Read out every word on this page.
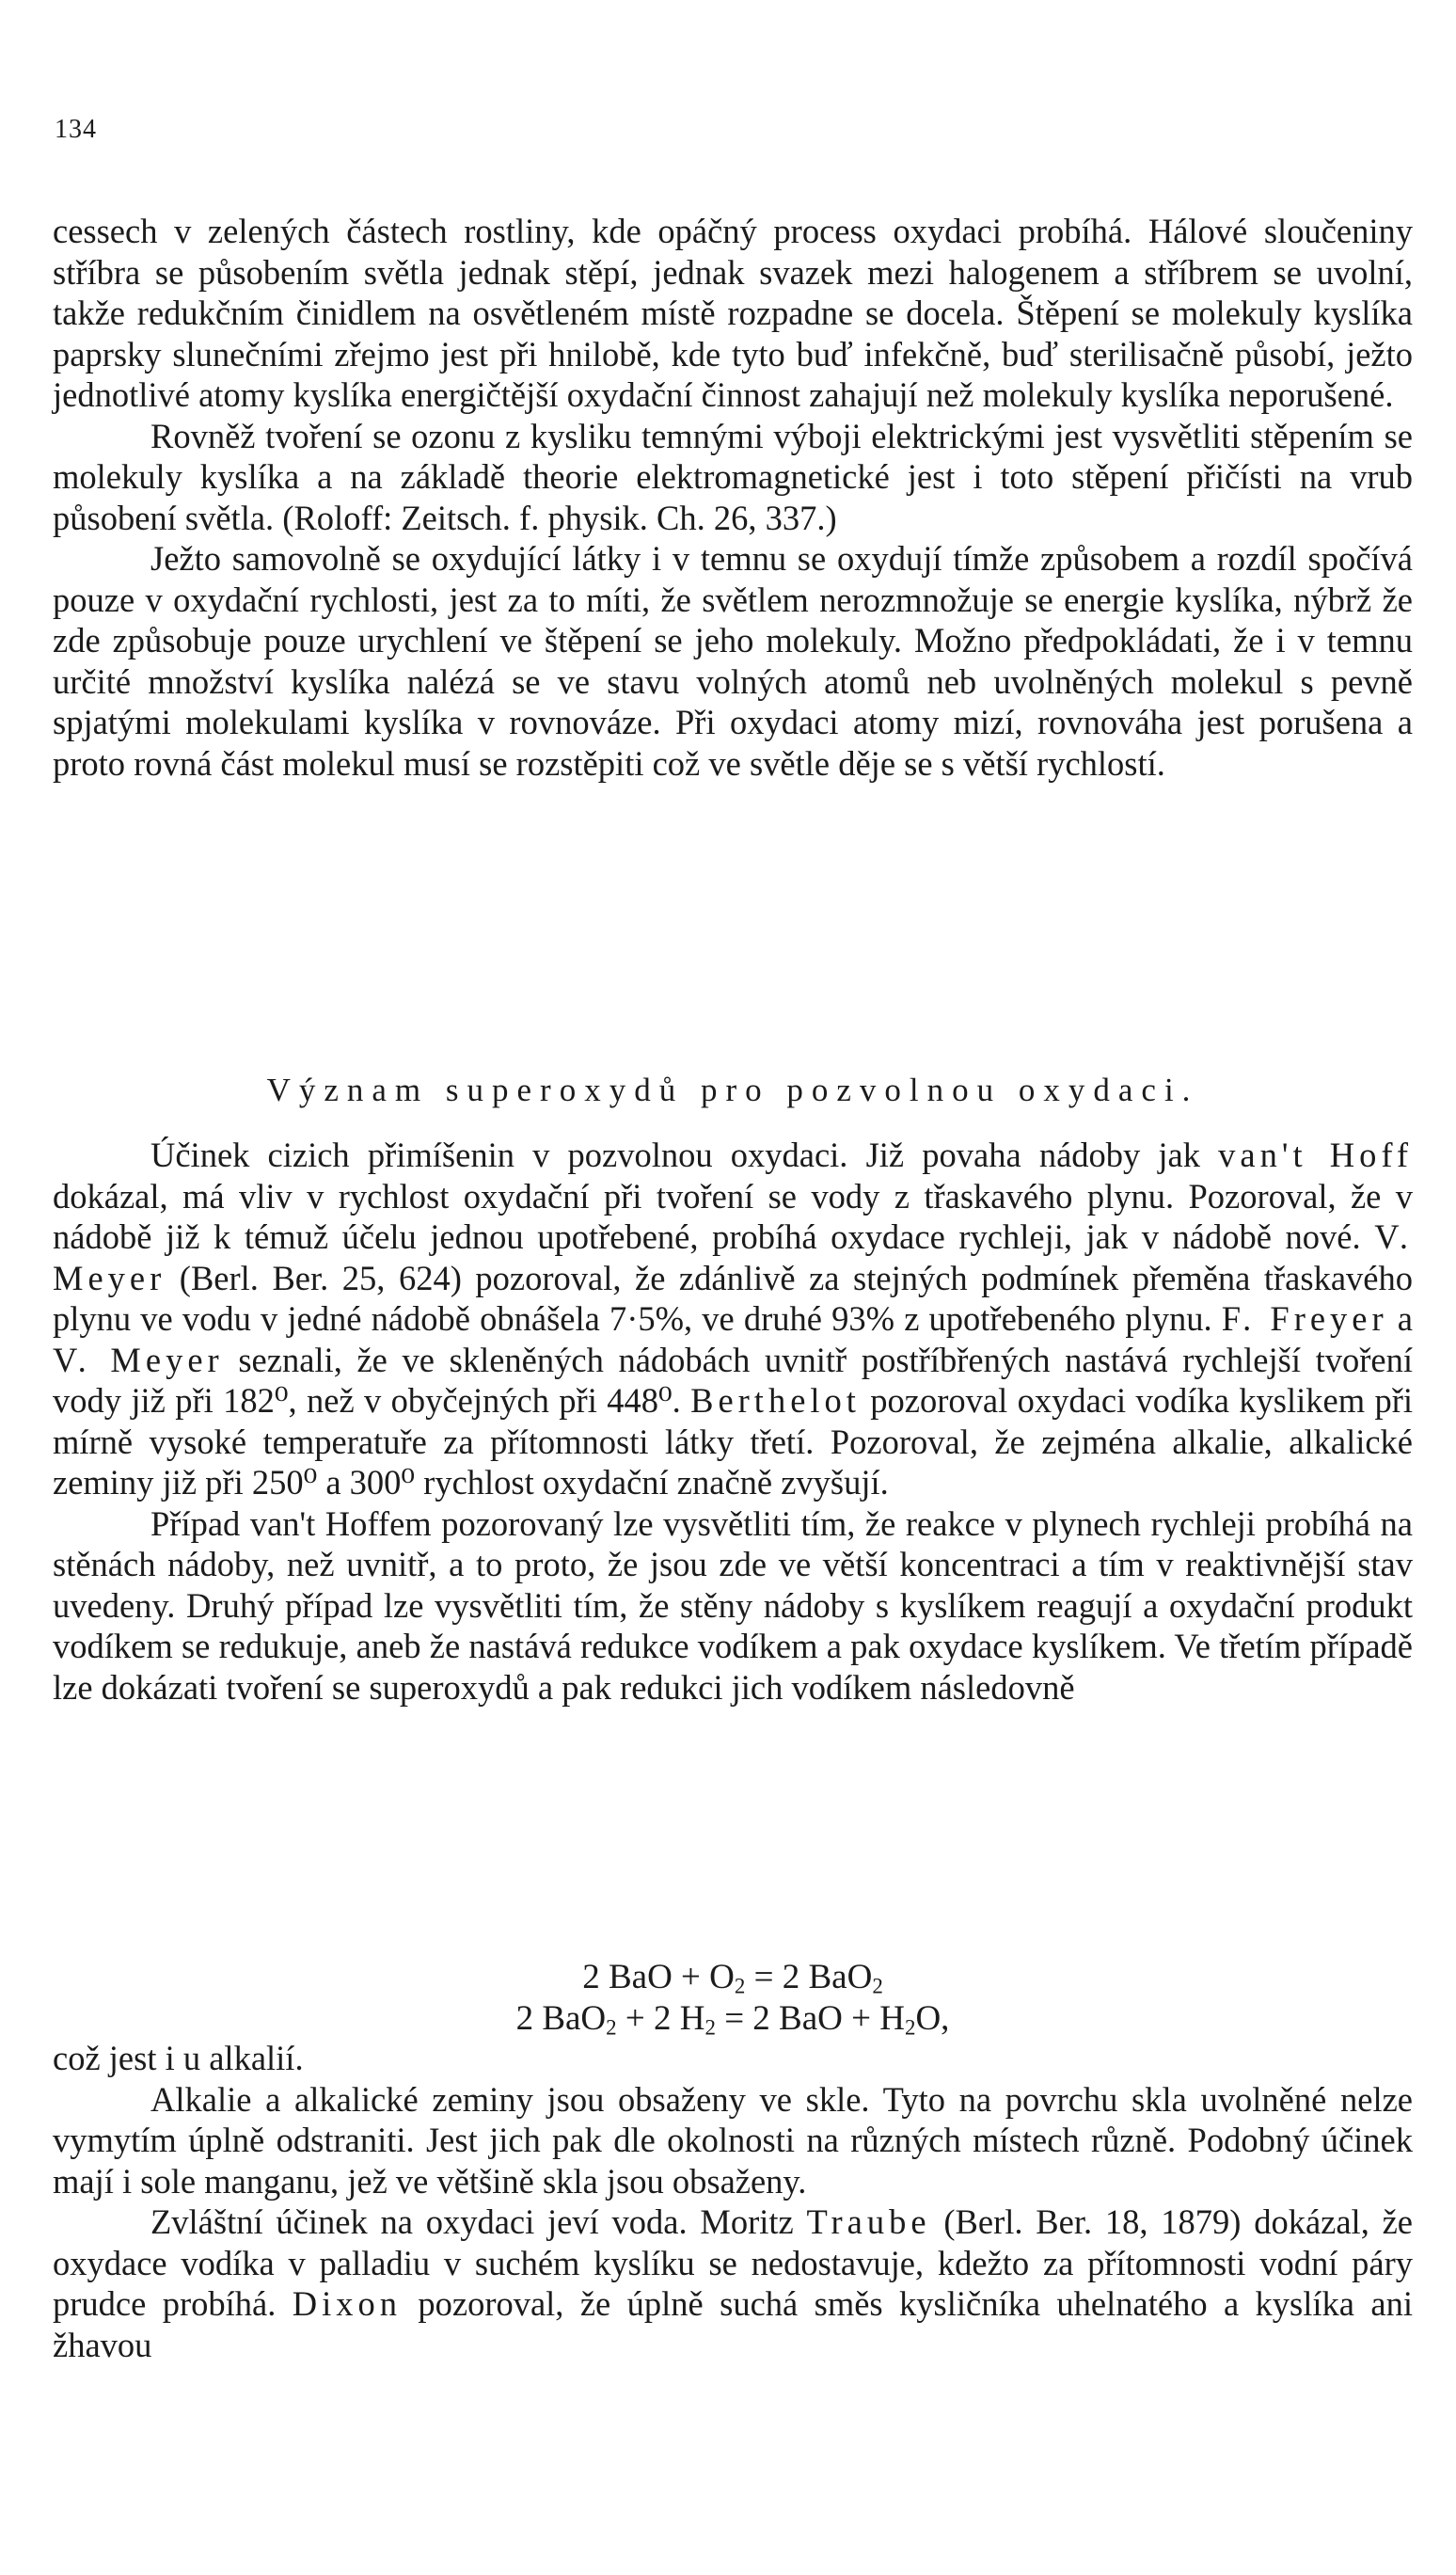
134

cessech v zelených částech rostliny, kde opáčný process oxydaci probíhá. Hálové sloučeniny stříbra se působením světla jednak stěpí, jednak svazek mezi halogenem a stříbrem se uvolní, takže redukčním činidlem na osvětleném místě rozpadne se docela. Štěpení se molekuly kyslíka paprsky slunečními zřejmo jest při hnilobě, kde tyto buď infekčně, buď sterilisačně působí, ježto jednotlivé atomy kyslíka energičtější oxydační činnost zahajují než molekuly kyslíka neporušené.

Rovněž tvoření se ozonu z kysliku temnými výboji elektrickými jest vysvětliti stěpením se molekuly kyslíka a na základě theorie elektromagnetické jest i toto stěpení přičísti na vrub působení světla. (Roloff: Zeitsch. f. physik. Ch. 26, 337.)

Ježto samovolně se oxydující látky i v temnu se oxydují tímže způsobem a rozdíl spočívá pouze v oxydační rychlosti, jest za to míti, že světlem nerozmnožuje se energie kyslíka, nýbrž že zde způsobuje pouze urychlení ve štěpení se jeho molekuly. Možno předpokládati, že i v temnu určité množství kyslíka nalézá se ve stavu volných atomů neb uvolněných molekul s pevně spjatými molekulami kyslíka v rovnováze. Při oxydaci atomy mizí, rovnováha jest porušena a proto rovná část molekul musí se rozstěpiti což ve světle děje se s větší rychlostí.

Význam superoxydů pro pozvolnou oxydaci.

Účinek cizich přimíšenin v pozvolnou oxydaci. Již povaha nádoby jak van't Hoff dokázal, má vliv v rychlost oxydační při tvoření se vody z třaskavého plynu. Pozoroval, že v nádobě již k témuž účelu jednou upotřebené, probíhá oxydace rychleji, jak v nádobě nové. V. Meyer (Berl. Ber. 25, 624) pozoroval, že zdánlivě za stejných podmínek přeměna třaskavého plynu ve vodu v jedné nádobě obnášela 7·5%, ve druhé 93% z upotřebeného plynu. F. Freyer a V. Meyer seznali, že ve skleněných nádobách uvnitř postříbřených nastává rychlejší tvoření vody již při 182⁰, než v obyčejných při 448⁰. Berthelot pozoroval oxydaci vodíka kyslikem při mírně vysoké temperatuře za přítomnosti látky třetí. Pozoroval, že zejména alkalie, alkalické zeminy již při 250⁰ a 300⁰ rychlost oxydační značně zvyšují.

Případ van't Hoffem pozorovaný lze vysvětliti tím, že reakce v plynech rychleji probíhá na stěnách nádoby, než uvnitř, a to proto, že jsou zde ve větší koncentraci a tím v reaktivnější stav uvedeny. Druhý případ lze vysvětliti tím, že stěny nádoby s kyslíkem reagují a oxydační produkt vodíkem se redukuje, aneb že nastává redukce vodíkem a pak oxydace kyslíkem. Ve třetím případě lze dokázati tvoření se superoxydů a pak redukci jich vodíkem následovně

2 BaO + $O_2 = 2$ BaO$_2$
2 BaO$_2$ + 2 $H_2 = 2$ BaO + $H_2O$,

což jest i u alkalií.

Alkalie a alkalické zeminy jsou obsaženy ve skle. Tyto na povrchu skla uvolněné nelze vymytím úplně odstraniti. Jest jich pak dle okolnosti na různých místech různě. Podobný účinek mají i sole manganu, jež ve většině skla jsou obsaženy.

Zvláštní účinek na oxydaci jeví voda. Moritz Traube (Berl. Ber. 18, 1879) dokázal, že oxydace vodíka v palladiu v suchém kyslíku se nedostavuje, kdežto za přítomnosti vodní páry prudce probíhá. Dixon pozoroval, že úplně suchá směs kysličníka uhelnatého a kyslíka ani žhavou
